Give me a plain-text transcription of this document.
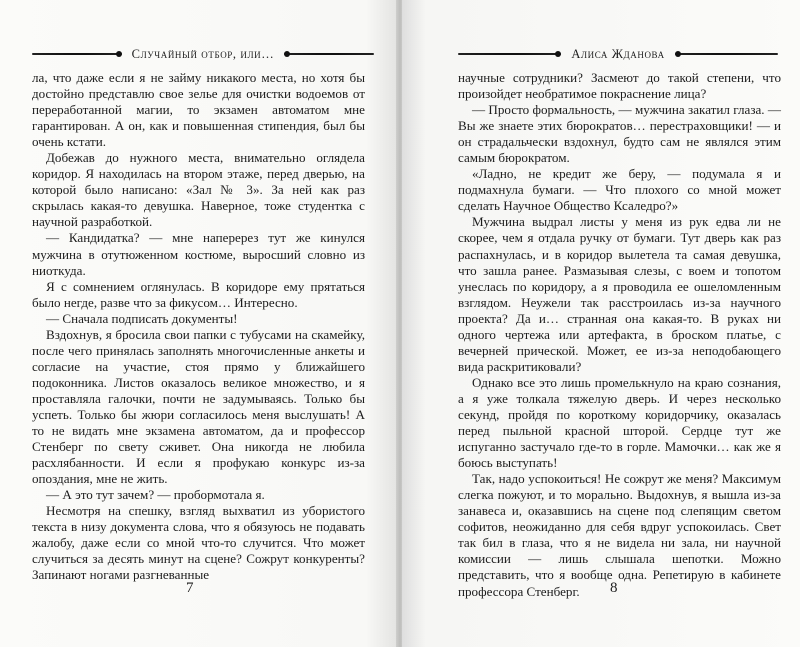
Случайный отбор, или…

ла, что даже если я не займу никакого места, но хотя бы достойно представлю свое зелье для очистки водоемов от переработанной магии, то экзамен автоматом мне гарантирован. А он, как и повышенная стипендия, был бы очень кстати.

Добежав до нужного места, внимательно оглядела коридор. Я находилась на втором этаже, перед дверью, на которой было написано: «Зал № 3». За ней как раз скрылась какая-то девушка. Наверное, тоже студентка с научной разработкой.

— Кандидатка? — мне наперерез тут же кинулся мужчина в отутюженном костюме, выросший словно из ниоткуда.

Я с сомнением оглянулась. В коридоре ему прятаться было негде, разве что за фикусом… Интересно.

— Сначала подписать документы!

Вздохнув, я бросила свои папки с тубусами на скамейку, после чего принялась заполнять многочисленные анкеты и согласие на участие, стоя прямо у ближайшего подоконника. Листов оказалось великое множество, и я проставляла галочки, почти не задумываясь. Только бы успеть. Только бы жюри согласилось меня выслушать! А то не видать мне экзамена автоматом, да и профессор Стенберг по свету сживет. Она никогда не любила расхлябанности. И если я профукаю конкурс из-за опоздания, мне не жить.

— А это тут зачем? — пробормотала я.

Несмотря на спешку, взгляд выхватил из убористого текста в низу документа слова, что я обязуюсь не подавать жалобу, даже если со мной что-то случится. Что может случиться за десять минут на сцене? Сожрут конкуренты? Запинают ногами разгневанные

7
Алиса Жданова

научные сотрудники? Засмеют до такой степени, что произойдет необратимое покраснение лица?

— Просто формальность, — мужчина закатил глаза. — Вы же знаете этих бюрократов… перестраховщики! — и он страдальчески вздохнул, будто сам не являлся этим самым бюрократом.

«Ладно, не кредит же беру, — подумала я и подмахнула бумаги. — Что плохого со мной может сделать Научное Общество Ксаледро?»

Мужчина выдрал листы у меня из рук едва ли не скорее, чем я отдала ручку от бумаги. Тут дверь как раз распахнулась, и в коридор вылетела та самая девушка, что зашла ранее. Размазывая слезы, с воем и топотом унеслась по коридору, а я проводила ее ошеломленным взглядом. Неужели так расстроилась из-за научного проекта? Да и… странная она какая-то. В руках ни одного чертежа или артефакта, в броском платье, с вечерней прической. Может, ее из-за неподобающего вида раскритиковали?

Однако все это лишь промелькнуло на краю сознания, а я уже толкала тяжелую дверь. И через несколько секунд, пройдя по короткому коридорчику, оказалась перед пыльной красной шторой. Сердце тут же испуганно застучало где-то в горле. Мамочки… как же я боюсь выступать!

Так, надо успокоиться! Не сожрут же меня? Максимум слегка пожуют, и то морально. Выдохнув, я вышла из-за занавеса и, оказавшись на сцене под слепящим светом софитов, неожиданно для себя вдруг успокоилась. Свет так бил в глаза, что я не видела ни зала, ни научной комиссии — лишь слышала шепотки. Можно представить, что я вообще одна. Репетирую в кабинете профессора Стенберг.	8
